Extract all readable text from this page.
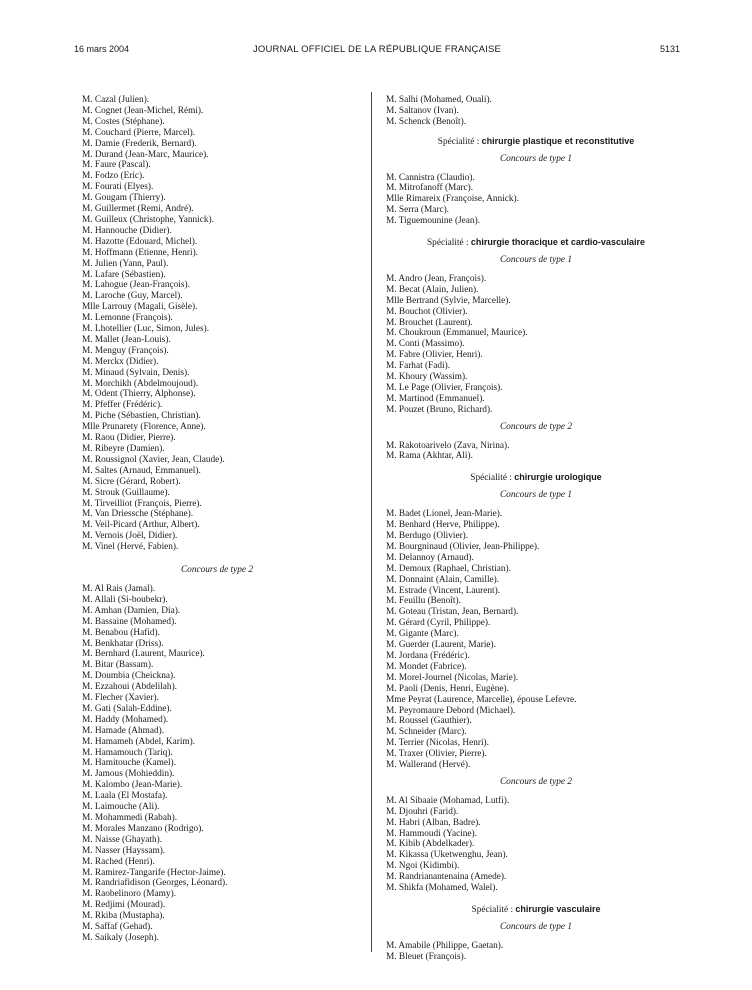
16 mars 2004	JOURNAL OFFICIEL DE LA RÉPUBLIQUE FRANÇAISE	5131
M. Cazal (Julien).
M. Cognet (Jean-Michel, Rémi).
M. Costes (Stéphane).
M. Couchard (Pierre, Marcel).
M. Damie (Frederik, Bernard).
M. Durand (Jean-Marc, Maurice).
M. Faure (Pascal).
M. Fodzo (Eric).
M. Fourati (Elyes).
M. Gougam (Thierry).
M. Guillermet (Remi, André).
M. Guilleux (Christophe, Yannick).
M. Hannouche (Didier).
M. Hazotte (Edouard, Michel).
M. Hoffmann (Etienne, Henri).
M. Julien (Yann, Paul).
M. Lafare (Sébastien).
M. Lahogue (Jean-François).
M. Laroche (Guy, Marcel).
Mlle Larrouy (Magali, Gisèle).
M. Lemonne (François).
M. Lhotellier (Luc, Simon, Jules).
M. Mallet (Jean-Louis).
M. Menguy (François).
M. Merckx (Didier).
M. Minaud (Sylvain, Denis).
M. Morchikh (Abdelmoujoud).
M. Odent (Thierry, Alphonse).
M. Pfeffer (Frédéric).
M. Piche (Sébastien, Christian).
Mlle Prunarety (Florence, Anne).
M. Raou (Didier, Pierre).
M. Ribeyre (Damien).
M. Roussignol (Xavier, Jean, Claude).
M. Saltes (Arnaud, Emmanuel).
M. Sicre (Gérard, Robert).
M. Strouk (Guillaume).
M. Tirveilliot (François, Pierre).
M. Van Driessche (Stéphane).
M. Veil-Picard (Arthur, Albert).
M. Vernois (Joël, Didier).
M. Vinel (Hervé, Fabien).
Concours de type 2
M. Al Rais (Jamal).
M. Allali (Si-boubekr).
M. Amhan (Damien, Dia).
M. Bassaine (Mohamed).
M. Benabou (Hafid).
M. Benkhatar (Driss).
M. Bernhard (Laurent, Maurice).
M. Bitar (Bassam).
M. Doumbia (Cheickna).
M. Ezzahoui (Abdelilah).
M. Flecher (Xavier).
M. Gati (Salah-Eddine).
M. Haddy (Mohamed).
M. Hamade (Ahmad).
M. Hamameh (Abdel, Karim).
M. Hamamouch (Tariq).
M. Hamitouche (Kamel).
M. Jamous (Mohieddin).
M. Kalombo (Jean-Marie).
M. Laala (El Mostafa).
M. Laimouche (Ali).
M. Mohammedi (Rabah).
M. Morales Manzano (Rodrigo).
M. Naisse (Ghayath).
M. Nasser (Hayssam).
M. Rached (Henri).
M. Ramirez-Tangarife (Hector-Jaime).
M. Randriafidison (Georges, Léonard).
M. Raobelinoro (Mamy).
M. Redjimi (Mourad).
M. Rkiba (Mustapha).
M. Saffaf (Gehad).
M. Saikaly (Joseph).
M. Salhi (Mohamed, Ouali).
M. Saltanov (Ivan).
M. Schenck (Benoît).
Spécialité : chirurgie plastique et reconstitutive
Concours de type 1
M. Cannistra (Claudio).
M. Mitrofanoff (Marc).
Mlle Rimareix (Françoise, Annick).
M. Serra (Marc).
M. Tiguemounine (Jean).
Spécialité : chirurgie thoracique et cardio-vasculaire
Concours de type 1
M. Andro (Jean, François).
M. Becat (Alain, Julien).
Mlle Bertrand (Sylvie, Marcelle).
M. Bouchot (Olivier).
M. Brouchet (Laurent).
M. Choukroun (Emmanuel, Maurice).
M. Conti (Massimo).
M. Fabre (Olivier, Henri).
M. Farhat (Fadi).
M. Khoury (Wassim).
M. Le Page (Olivier, François).
M. Martinod (Emmanuel).
M. Pouzet (Bruno, Richard).
Concours de type 2
M. Rakotoarivelo (Zava, Nirina).
M. Rama (Akhtar, Ali).
Spécialité : chirurgie urologique
Concours de type 1
M. Badet (Lionel, Jean-Marie).
M. Benhard (Herve, Philippe).
M. Berdugo (Olivier).
M. Bourgninaud (Olivier, Jean-Philippe).
M. Delannoy (Arnaud).
M. Demoux (Raphael, Christian).
M. Donnaint (Alain, Camille).
M. Estrade (Vincent, Laurent).
M. Feuillu (Benoît).
M. Goteau (Tristan, Jean, Bernard).
M. Gérard (Cyril, Philippe).
M. Gigante (Marc).
M. Guerder (Laurent, Marie).
M. Jordana (Frédéric).
M. Mondet (Fabrice).
M. Morel-Journel (Nicolas, Marie).
M. Paoli (Denis, Henri, Eugène).
Mme Peyrat (Laurence, Marcelle), épouse Lefevre.
M. Peyromaure Debord (Michael).
M. Roussel (Gauthier).
M. Schneider (Marc).
M. Terrier (Nicolas, Henri).
M. Traxer (Olivier, Pierre).
M. Wallerand (Hervé).
Concours de type 2
M. Al Sibaaie (Mohamad, Lutfi).
M. Djouhri (Farid).
M. Habri (Alban, Badre).
M. Hammoudi (Yacine).
M. Kibib (Abdelkader).
M. Kikassa (Uketwenghu, Jean).
M. Ngoi (Kidimbi).
M. Randrianantenaina (Amede).
M. Shikfa (Mohamed, Walel).
Spécialité : chirurgie vasculaire
Concours de type 1
M. Amabile (Philippe, Gaetan).
M. Bleuet (François).
